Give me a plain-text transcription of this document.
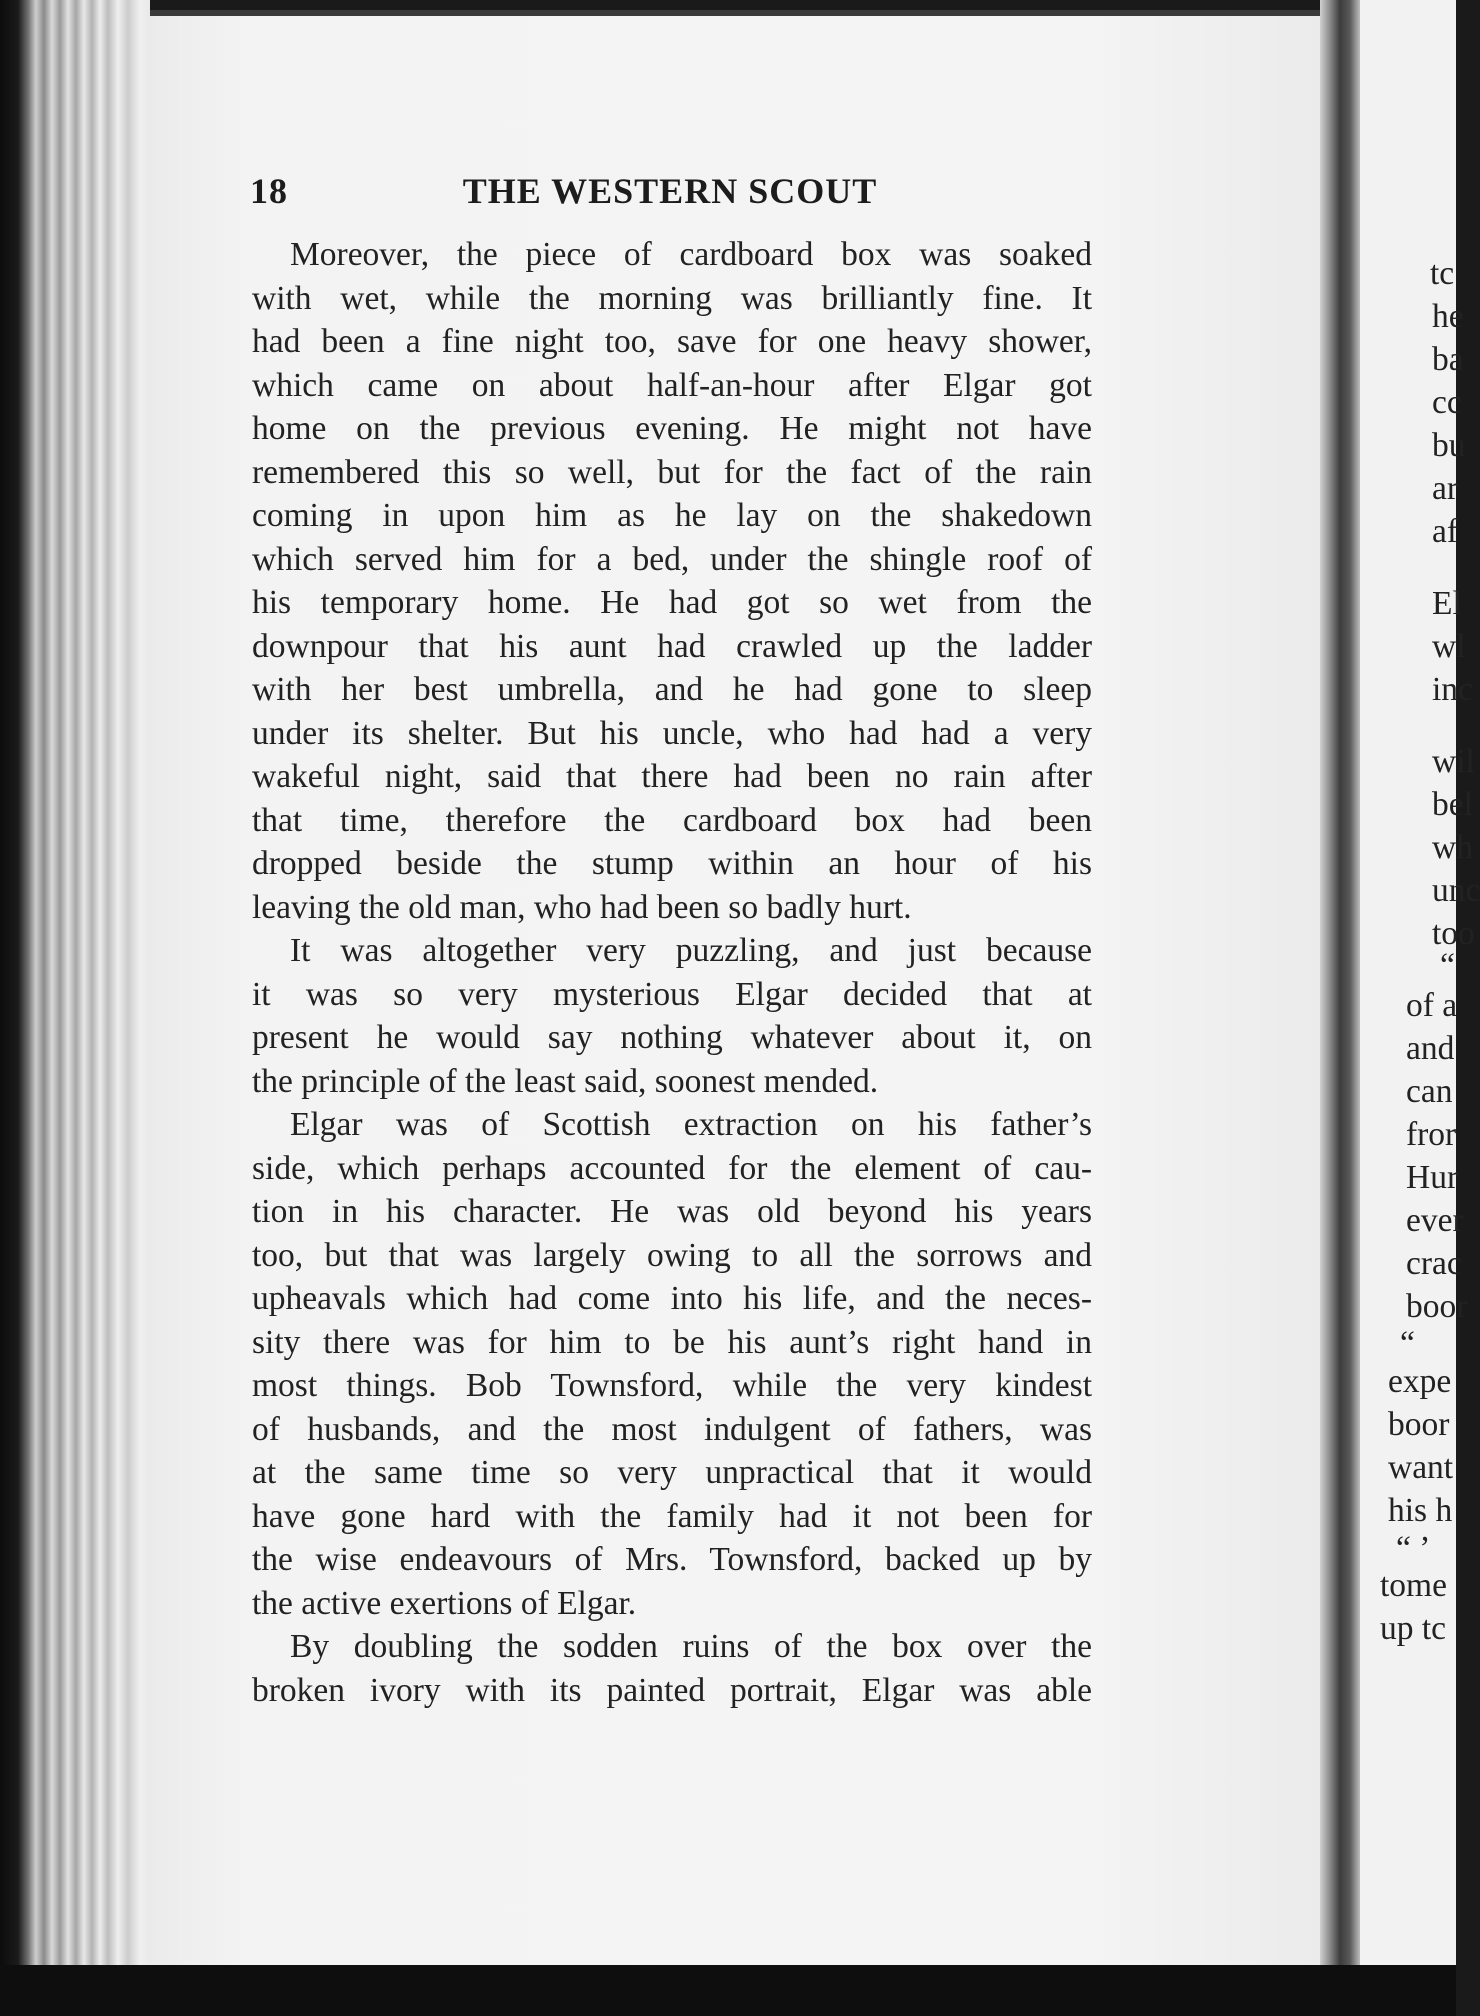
tc
he
ba
cc
bu
ar
af
El
wl
inc
wil
bel
wh
unc
too
“
of a
and
can
fror
Hur
ever
crac
boor
“
expe
boor
want
his h
“ ’
tome
up tc
18	THE WESTERN SCOUT
Moreover, the piece of cardboard box was soaked
with wet, while the morning was brilliantly fine. It
had been a fine night too, save for one heavy shower,
which came on about half-an-hour after Elgar got
home on the previous evening. He might not have
remembered this so well, but for the fact of the rain
coming in upon him as he lay on the shakedown
which served him for a bed, under the shingle roof of
his temporary home. He had got so wet from the
downpour that his aunt had crawled up the ladder
with her best umbrella, and he had gone to sleep
under its shelter. But his uncle, who had had a very
wakeful night, said that there had been no rain after
that time, therefore the cardboard box had been
dropped beside the stump within an hour of his
leaving the old man, who had been so badly hurt.
It was altogether very puzzling, and just because
it was so very mysterious Elgar decided that at
present he would say nothing whatever about it, on
the principle of the least said, soonest mended.
Elgar was of Scottish extraction on his father’s
side, which perhaps accounted for the element of cau-
tion in his character. He was old beyond his years
too, but that was largely owing to all the sorrows and
upheavals which had come into his life, and the neces-
sity there was for him to be his aunt’s right hand in
most things. Bob Townsford, while the very kindest
of husbands, and the most indulgent of fathers, was
at the same time so very unpractical that it would
have gone hard with the family had it not been for
the wise endeavours of Mrs. Townsford, backed up by
the active exertions of Elgar.
By doubling the sodden ruins of the box over the
broken ivory with its painted portrait, Elgar was able
